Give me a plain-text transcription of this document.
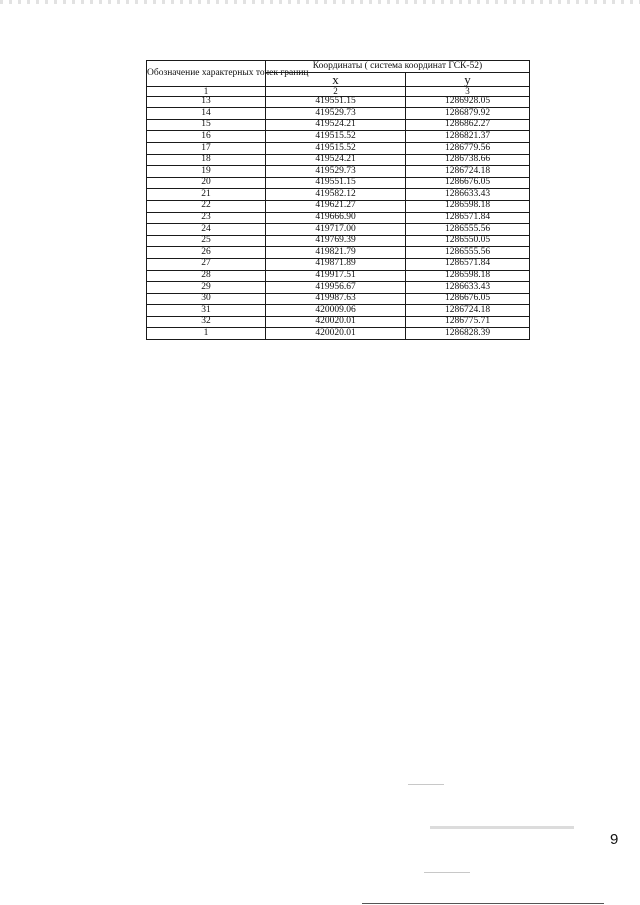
Обозначение характерных точек границ	Координаты ( система координат ГСК-52)	
	x	y
1	2	3
13	419551.15	1286928.05
14	419529.73	1286879.92
15	419524.21	1286862.27
16	419515.52	1286821.37
17	419515.52	1286779.56
18	419524.21	1286738.66
19	419529.73	1286724.18
20	419551.15	1286676.05
21	419582.12	1286633.43
22	419621.27	1286598.18
23	419666.90	1286571.84
24	419717.00	1286555.56
25	419769.39	1286550.05
26	419821.79	1286555.56
27	419871.89	1286571.84
28	419917.51	1286598.18
29	419956.67	1286633.43
30	419987.63	1286676.05
31	420009.06	1286724.18
32	420020.01	1286775.71
1	420020.01	1286828.39
9
